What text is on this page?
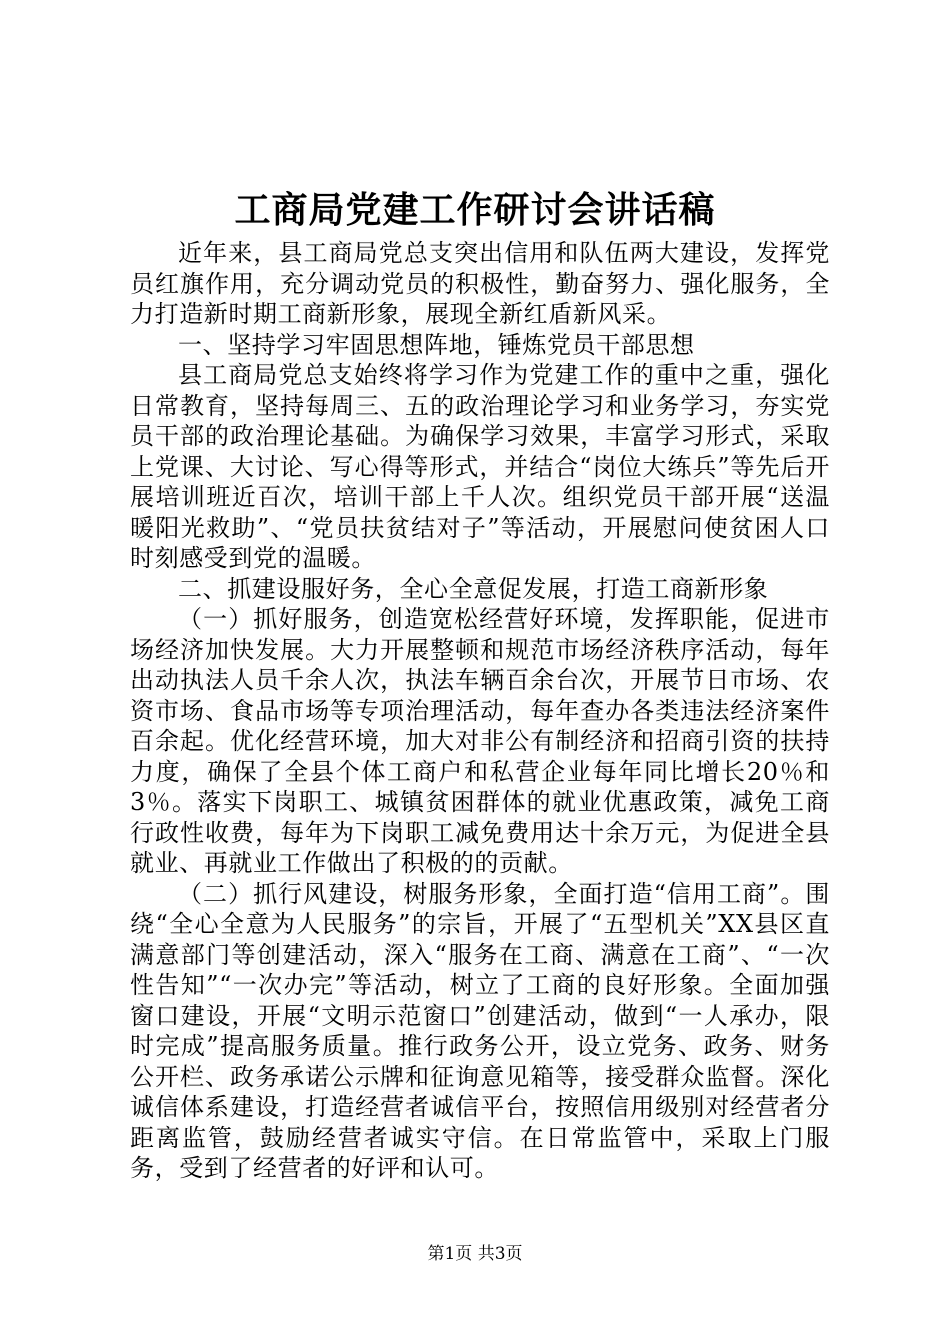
工商局党建工作研讨会讲话稿

近年来，县工商局党总支突出信用和队伍两大建设，发挥党员红旗作用，充分调动党员的积极性，勤奋努力、强化服务，全力打造新时期工商新形象，展现全新红盾新风采。

一、坚持学习牢固思想阵地，锤炼党员干部思想

县工商局党总支始终将学习作为党建工作的重中之重，强化日常教育，坚持每周三、五的政治理论学习和业务学习，夯实党员干部的政治理论基础。为确保学习效果，丰富学习形式，采取上党课、大讨论、写心得等形式，并结合“岗位大练兵”等先后开展培训班近百次，培训干部上千人次。组织党员干部开展“送温暖阳光救助”、“党员扶贫结对子”等活动，开展慰问使贫困人口时刻感受到党的温暖。

二、抓建设服好务，全心全意促发展，打造工商新形象

（一）抓好服务，创造宽松经营好环境，发挥职能，促进市场经济加快发展。大力开展整顿和规范市场经济秩序活动，每年出动执法人员千余人次，执法车辆百余台次，开展节日市场、农资市场、食品市场等专项治理活动，每年查办各类违法经济案件百余起。优化经营环境，加大对非公有制经济和招商引资的扶持力度，确保了全县个体工商户和私营企业每年同比增长20％和3％。落实下岗职工、城镇贫困群体的就业优惠政策，减免工商行政性收费，每年为下岗职工减免费用达十余万元，为促进全县就业、再就业工作做出了积极的的贡献。

（二）抓行风建设，树服务形象，全面打造“信用工商”。围绕“全心全意为人民服务”的宗旨，开展了“五型机关”XX县区直满意部门等创建活动，深入“服务在工商、满意在工商”、“一次性告知”“一次办完”等活动，树立了工商的良好形象。全面加强窗口建设，开展“文明示范窗口”创建活动，做到“一人承办，限时完成”提高服务质量。推行政务公开，设立党务、政务、财务公开栏、政务承诺公示牌和征询意见箱等，接受群众监督。深化诚信体系建设，打造经营者诚信平台，按照信用级别对经营者分距离监管，鼓励经营者诚实守信。在日常监管中，采取上门服务，受到了经营者的好评和认可。

第1页 共3页
